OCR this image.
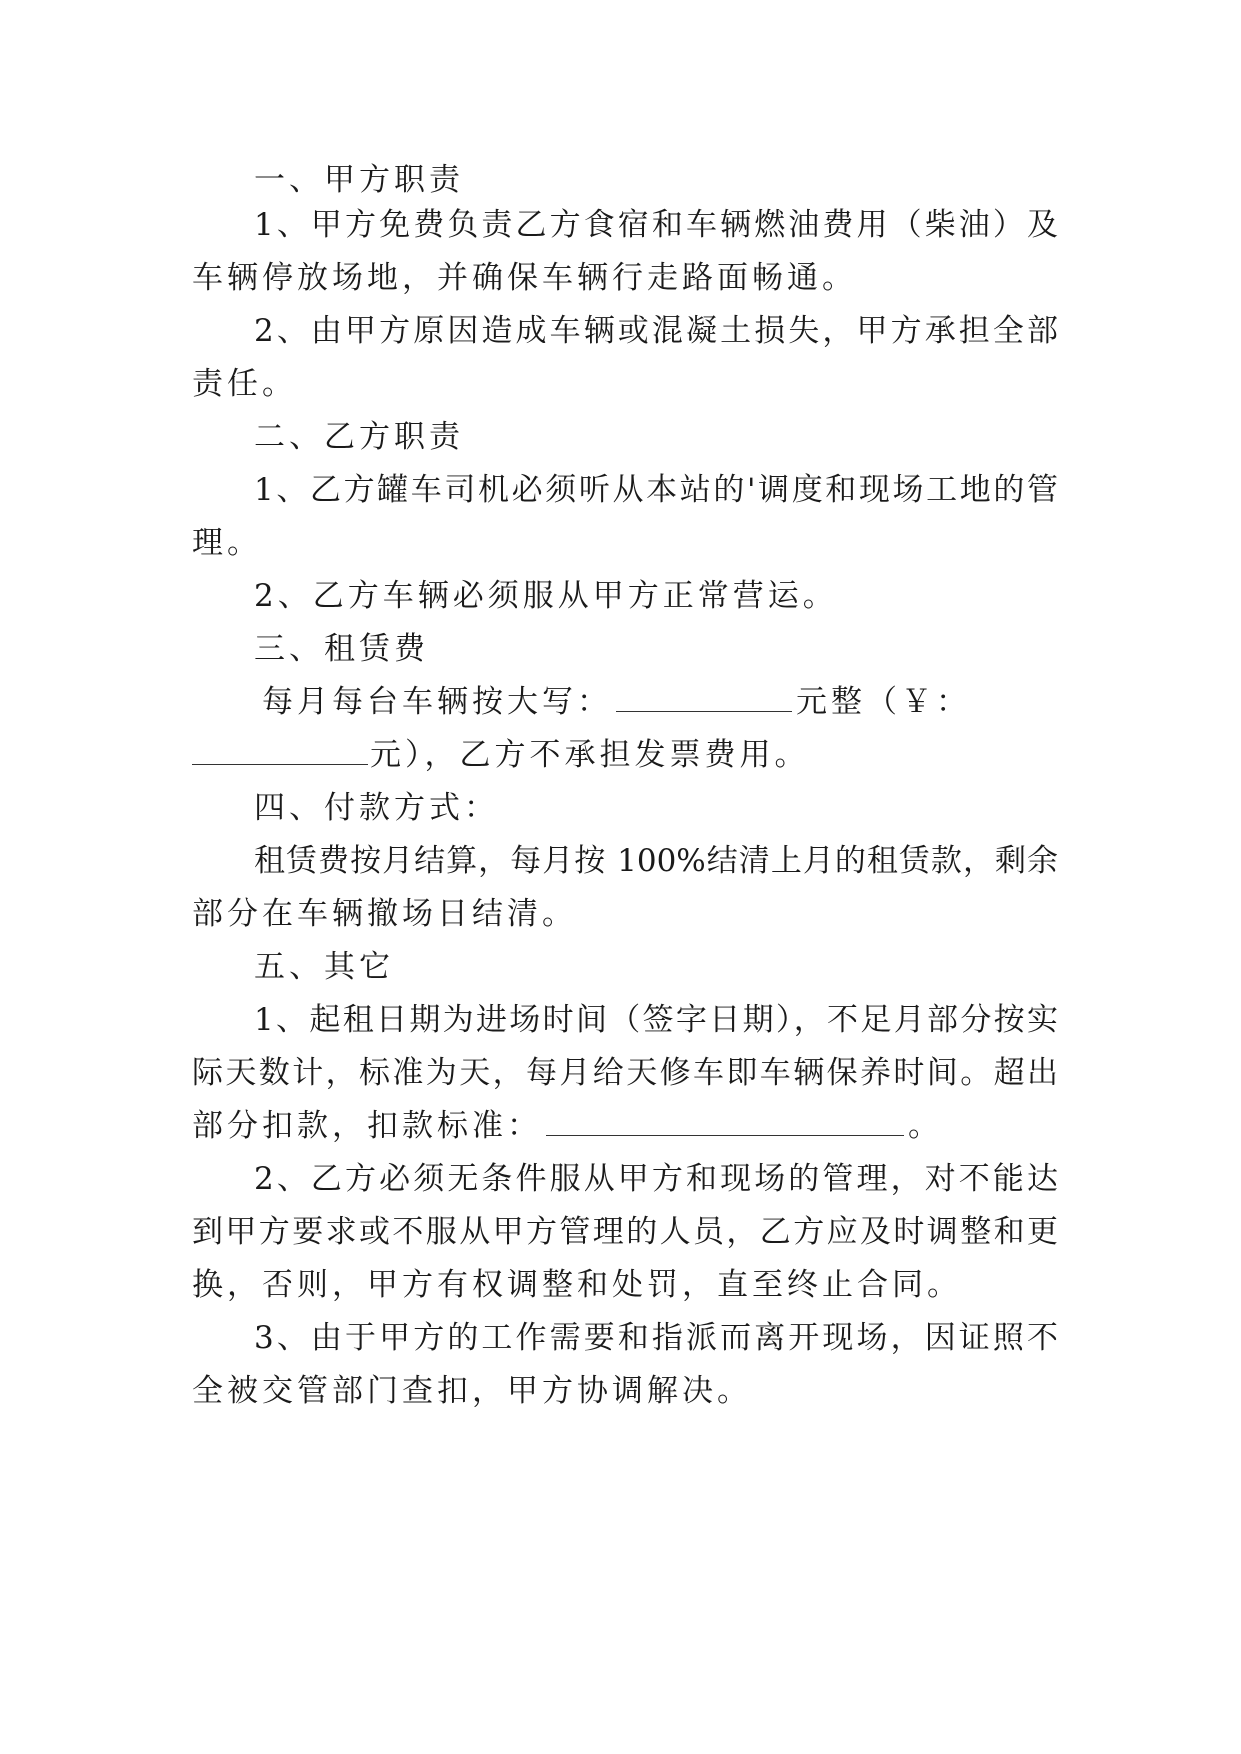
一、甲方职责
1、甲方免费负责乙方食宿和车辆燃油费用（柴油）及
车辆停放场地，并确保车辆行走路面畅通。
2、由甲方原因造成车辆或混凝土损失，甲方承担全部
责任。
二、乙方职责
1、乙方罐车司机必须听从本站的'调度和现场工地的管
理。
2、乙方车辆必须服从甲方正常营运。
三、租赁费
每月每台车辆按大写：	元整（￥：
元），乙方不承担发票费用。
四、付款方式：
租赁费按月结算，每月按 100%结清上月的租赁款，剩余
部分在车辆撤场日结清。
五、其它
1、起租日期为进场时间（签字日期），不足月部分按实
际天数计，标准为天，每月给天修车即车辆保养时间。超出
部分扣款，扣款标准：	。
2、乙方必须无条件服从甲方和现场的管理，对不能达
到甲方要求或不服从甲方管理的人员，乙方应及时调整和更
换，否则，甲方有权调整和处罚，直至终止合同。
3、由于甲方的工作需要和指派而离开现场，因证照不
全被交管部门查扣，甲方协调解决。
